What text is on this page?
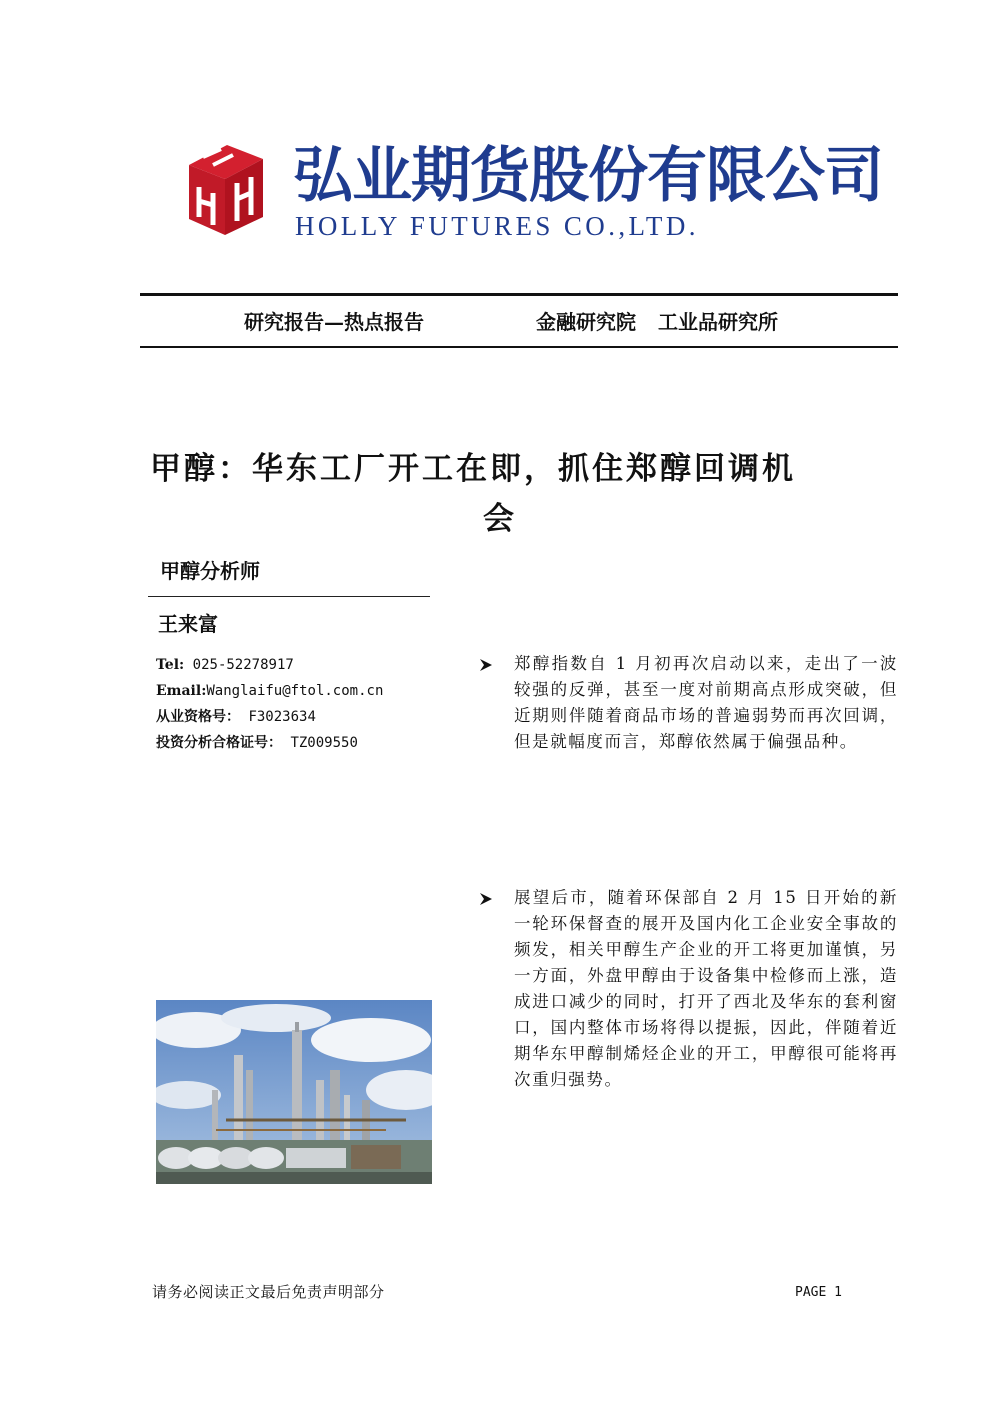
弘业期货股份有限公司
HOLLY FUTURES CO.,LTD.
研究报告—热点报告	金融研究院 工业品研究所
甲醇：华东工厂开工在即，抓住郑醇回调机
会
甲醇分析师
王来富
Tel: 025-52278917
Email:Wanglaifu@ftol.com.cn
从业资格号： F3023634
投资分析合格证号： TZ009550
郑醇指数自 1 月初再次启动以来，走出了一波较强的反弹，甚至一度对前期高点形成突破，但近期则伴随着商品市场的普遍弱势而再次回调，但是就幅度而言，郑醇依然属于偏强品种。
展望后市，随着环保部自 2 月 15 日开始的新一轮环保督查的展开及国内化工企业安全事故的频发，相关甲醇生产企业的开工将更加谨慎，另一方面，外盘甲醇由于设备集中检修而上涨，造成进口减少的同时，打开了西北及华东的套利窗口，国内整体市场将得以提振，因此，伴随着近期华东甲醇制烯烃企业的开工，甲醇很可能将再次重归强势。
请务必阅读正文最后免责声明部分	PAGE 1
